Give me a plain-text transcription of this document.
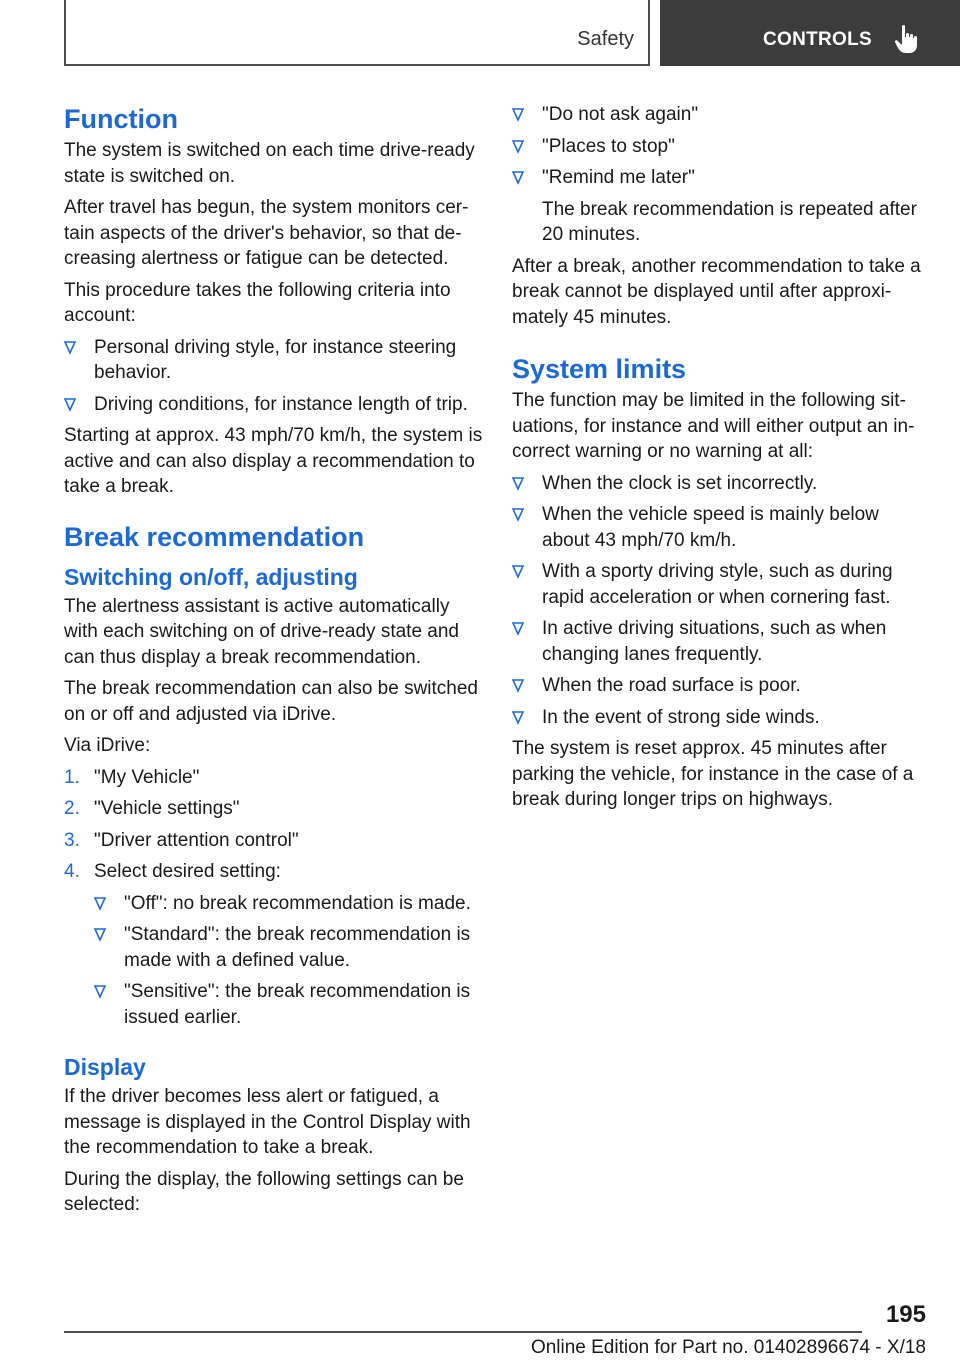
Safety	CONTROLS
Function

The system is switched on each time drive-ready state is switched on.

After travel has begun, the system monitors certain aspects of the driver's behavior, so that decreasing alertness or fatigue can be detected.

This procedure takes the following criteria into account:

Personal driving style, for instance steering behavior.
Driving conditions, for instance length of trip.

Starting at approx. 43 mph/70 km/h, the system is active and can also display a recommendation to take a break.

Break recommendation
Switching on/off, adjusting

The alertness assistant is active automatically with each switching on of drive-ready state and can thus display a break recommendation.

The break recommendation can also be switched on or off and adjusted via iDrive.

Via iDrive:

1. "My Vehicle"
2. "Vehicle settings"
3. "Driver attention control"
4. Select desired setting:
"Off": no break recommendation is made.
"Standard": the break recommendation is made with a defined value.
"Sensitive": the break recommendation is issued earlier.
Display

If the driver becomes less alert or fatigued, a message is displayed in the Control Display with the recommendation to take a break.

During the display, the following settings can be selected:

"Do not ask again"
"Places to stop"
"Remind me later"
The break recommendation is repeated after 20 minutes.

After a break, another recommendation to take a break cannot be displayed until after approximately 45 minutes.

System limits

The function may be limited in the following situations, for instance and will either output an incorrect warning or no warning at all:

When the clock is set incorrectly.
When the vehicle speed is mainly below about 43 mph/70 km/h.
With a sporty driving style, such as during rapid acceleration or when cornering fast.
In active driving situations, such as when changing lanes frequently.
When the road surface is poor.
In the event of strong side winds.

The system is reset approx. 45 minutes after parking the vehicle, for instance in the case of a break during longer trips on highways.

195
Online Edition for Part no. 01402896674 - X/18
